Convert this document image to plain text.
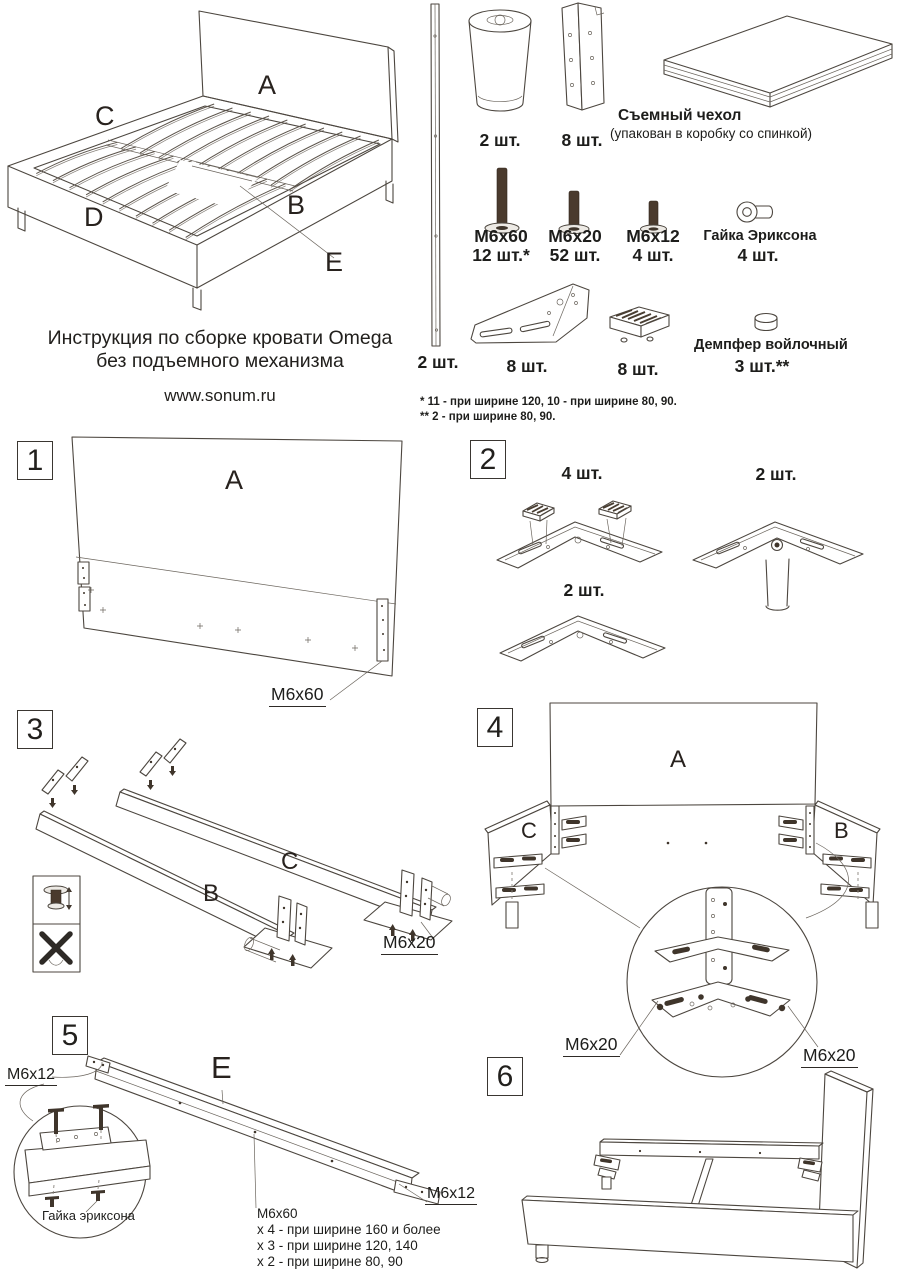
Инструкция по сборке кровати Omega
без подъемного механизма
www.sonum.ru
A
C
D	B
E
2 шт.
2 шт.	8 шт.
Съемный чехол
(упакован в коробку со спинкой)
M6x60
12 шт.*
M6x20
52 шт.
M6x12
4 шт.
Гайка Эриксона
4 шт.
8 шт.	8 шт.
Демпфер войлочный
3 шт.**
* 11 - при ширине 120, 10 - при ширине 80, 90.
** 2 - при ширине 80, 90.
1	2
3	4
5
6
A
M6x60
4 шт.	2 шт.
2 шт.
C
B
M6x20
A
C	B
M6x20
M6x20
M6x12	E
Гайка эриксона	M6x60
х 4 - при ширине 160 и более
х 3 - при ширине 120, 140
х 2 - при ширине 80, 90
M6x12
